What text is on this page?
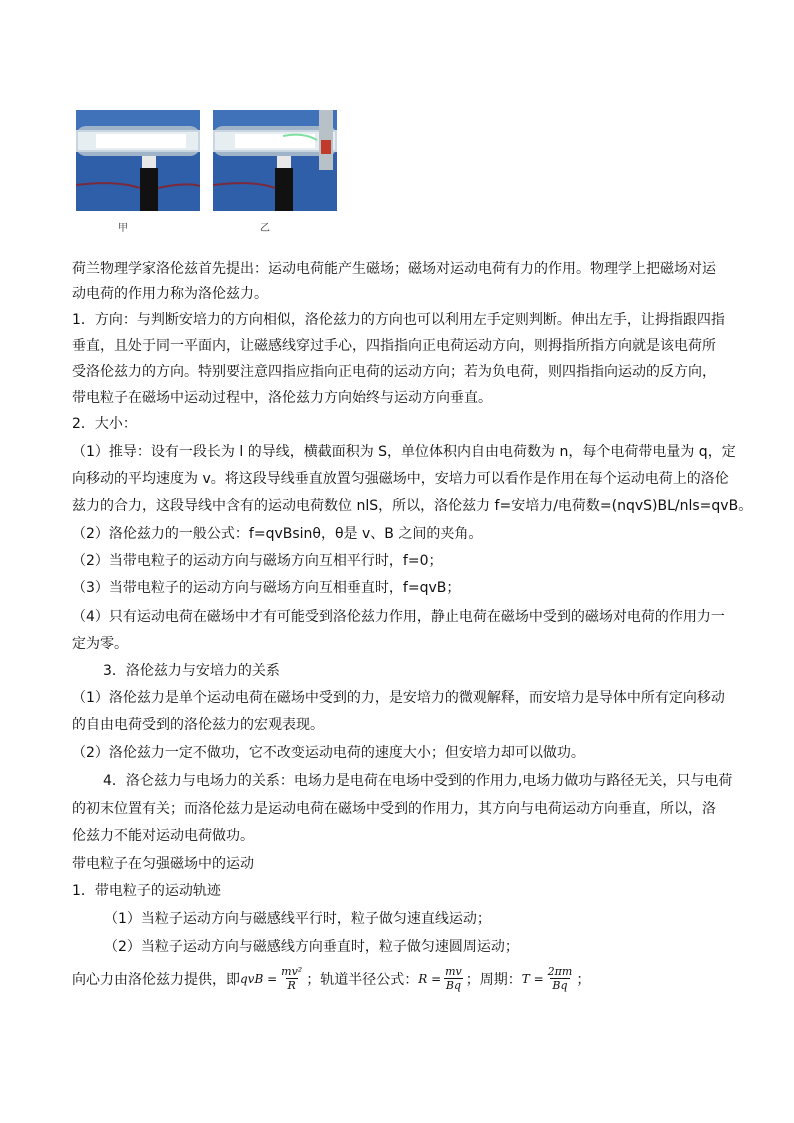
甲	乙
荷兰物理学家洛伦兹首先提出：运动电荷能产生磁场；磁场对运动电荷有力的作用。物理学上把磁场对运
动电荷的作用力称为洛伦兹力。
1．方向：与判断安培力的方向相似，洛伦兹力的方向也可以利用左手定则判断。伸出左手，让拇指跟四指
垂直，且处于同一平面内，让磁感线穿过手心，四指指向正电荷运动方向，则拇指所指方向就是该电荷所
受洛伦兹力的方向。特别要注意四指应指向正电荷的运动方向；若为负电荷，则四指指向运动的反方向，
带电粒子在磁场中运动过程中，洛伦兹力方向始终与运动方向垂直。
2．大小：
（1）推导：设有一段长为 l 的导线，横截面积为 S，单位体积内自由电荷数为 n，每个电荷带电量为 q，定
向移动的平均速度为 v。将这段导线垂直放置匀强磁场中，安培力可以看作是作用在每个运动电荷上的洛伦
兹力的合力，这段导线中含有的运动电荷数位 nlS，所以，洛伦兹力 f=安培力/电荷数=(nqvS)BL/nls=qvB。
（2）洛伦兹力的一般公式：f=qvBsinθ，θ是 v、B 之间的夹角。
（2）当带电粒子的运动方向与磁场方向互相平行时，f=0；
（3）当带电粒子的运动方向与磁场方向互相垂直时，f=qvB；
（4）只有运动电荷在磁场中才有可能受到洛伦兹力作用，静止电荷在磁场中受到的磁场对电荷的作用力一
定为零。
3．洛伦兹力与安培力的关系
（1）洛伦兹力是单个运动电荷在磁场中受到的力，是安培力的微观解释，而安培力是导体中所有定向移动
的自由电荷受到的洛伦兹力的宏观表现。
（2）洛伦兹力一定不做功，它不改变运动电荷的速度大小；但安培力却可以做功。
4．洛仑兹力与电场力的关系：电场力是电荷在电场中受到的作用力,电场力做功与路径无关，只与电荷
的初末位置有关；而洛伦兹力是运动电荷在磁场中受到的作用力，其方向与电荷运动方向垂直，所以，洛
伦兹力不能对运动电荷做功。
带电粒子在匀强磁场中的运动
1．带电粒子的运动轨迹
（1）当粒子运动方向与磁感线平行时，粒子做匀速直线运动；
（2）当粒子运动方向与磁感线方向垂直时，粒子做匀速圆周运动；
向心力由洛伦兹力提供，即 qvB = $\frac{\text{mv²}}{R}$ ；轨道半径公式： $R = \frac{mv}{Bq}$ ；周期： $T = \frac{2\pi m}{Bq}$ ；
